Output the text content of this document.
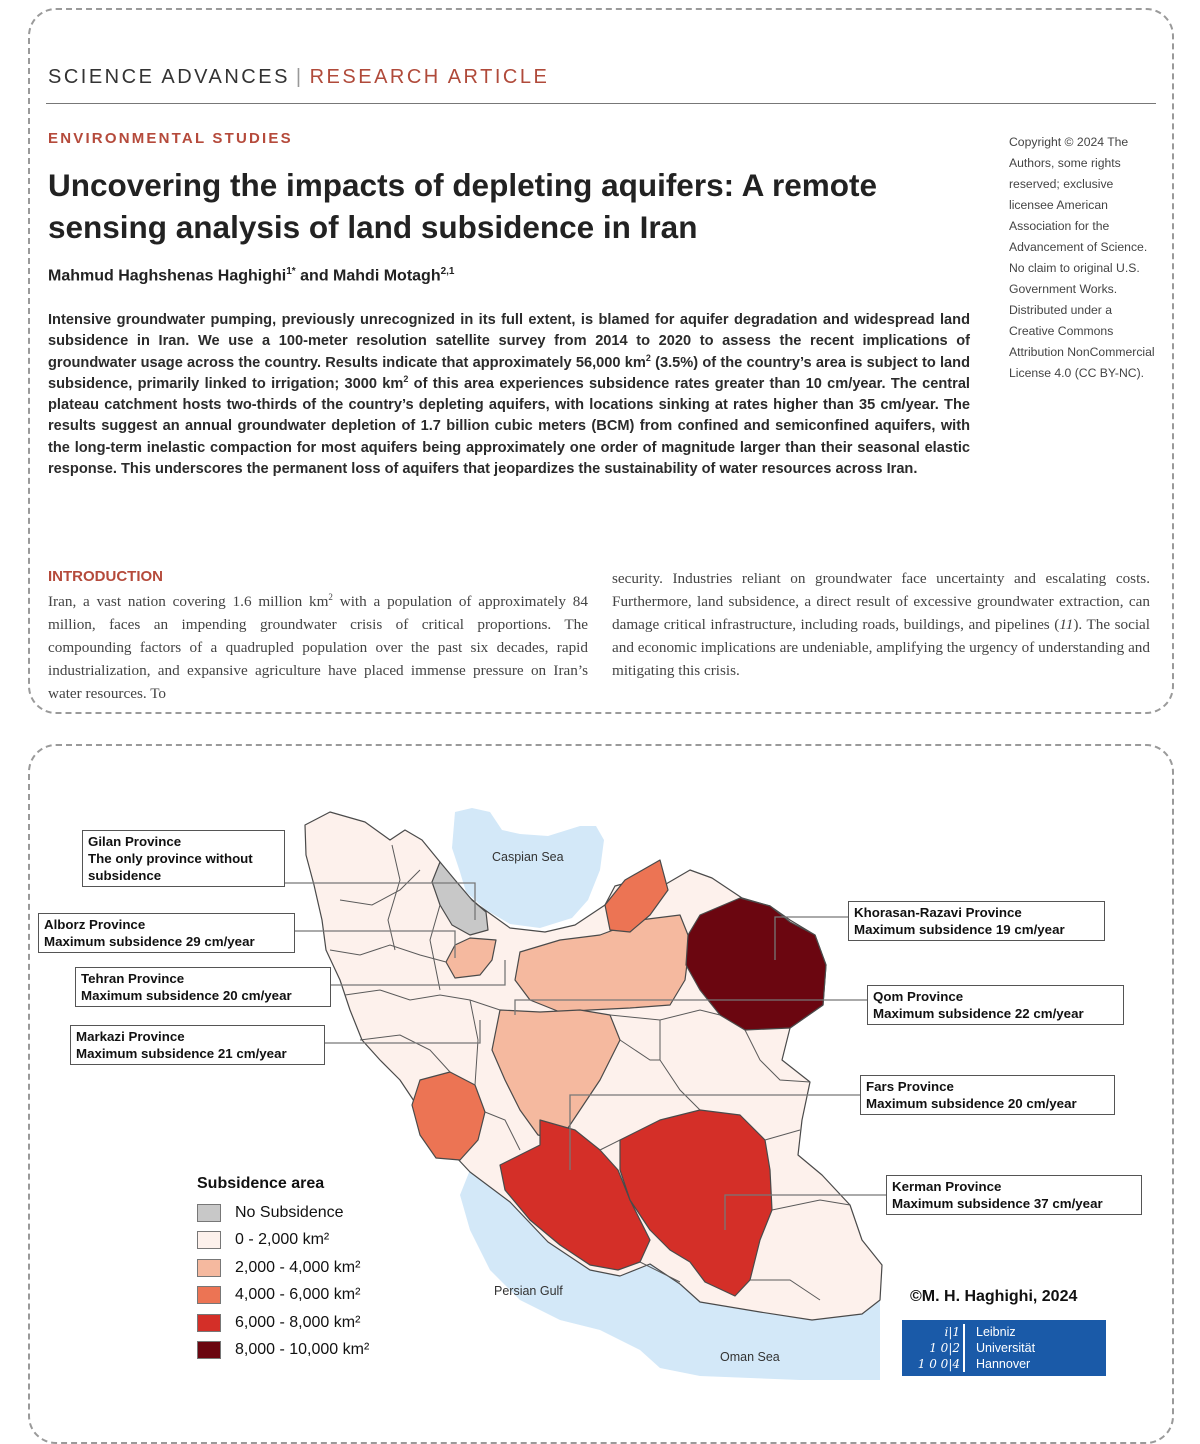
SCIENCE ADVANCES | RESEARCH ARTICLE
ENVIRONMENTAL STUDIES
Uncovering the impacts of depleting aquifers: A remote sensing analysis of land subsidence in Iran
Mahmud Haghshenas Haghighi$^{1*}$ and Mahdi Motagh$^{2,1}$
Intensive groundwater pumping, previously unrecognized in its full extent, is blamed for aquifer degradation and widespread land subsidence in Iran. We use a 100-meter resolution satellite survey from 2014 to 2020 to assess the recent implications of groundwater usage across the country. Results indicate that approximately 56,000 $km^2$ (3.5%) of the country’s area is subject to land subsidence, primarily linked to irrigation; 3000 $km^2$ of this area experiences subsidence rates greater than 10 cm/year. The central plateau catchment hosts two-thirds of the country’s depleting aquifers, with locations sinking at rates higher than 35 cm/year. The results suggest an annual groundwater depletion of 1.7 billion cubic meters (BCM) from confined and semiconfined aquifers, with the long-term inelastic compaction for most aquifers being approximately one order of magnitude larger than their seasonal elastic response. This underscores the permanent loss of aquifers that jeopardizes the sustainability of water resources across Iran.
Copyright © 2024 The Authors, some rights reserved; exclusive licensee American Association for the Advancement of Science. No claim to original U.S. Government Works. Distributed under a Creative Commons Attribution NonCommercial License 4.0 (CC BY-NC).
INTRODUCTION
Iran, a vast nation covering 1.6 million $km^2$ with a population of approximately 84 million, faces an impending groundwater crisis of critical proportions. The compounding factors of a quadrupled population over the past six decades, rapid industrialization, and expansive agriculture have placed immense pressure on Iran’s water resources. To
security. Industries reliant on groundwater face uncertainty and escalating costs. Furthermore, land subsidence, a direct result of excessive groundwater extraction, can damage critical infrastructure, including roads, buildings, and pipelines (11). The social and economic implications are undeniable, amplifying the urgency of understanding and mitigating this crisis.
Caspian Sea
Persian Gulf
Oman Sea
Gilan Province
The only province without
subsidence
Alborz Province
Maximum subsidence 29 cm/year
Tehran Province
Maximum subsidence 20 cm/year
Markazi Province
Maximum subsidence 21 cm/year
Khorasan-Razavi Province
Maximum subsidence 19 cm/year
Qom Province
Maximum subsidence 22 cm/year
Fars Province
Maximum subsidence 20 cm/year
Kerman Province
Maximum subsidence 37 cm/year
Subsidence area
No Subsidence
0 - 2,000 km²
2,000 - 4,000 km²
4,000 - 6,000 km²
6,000 - 8,000 km²
8,000 - 10,000 km²
©M. H. Haghighi, 2024
i|1
1 0|2
1 0 0|4
Leibniz
Universität
Hannover
